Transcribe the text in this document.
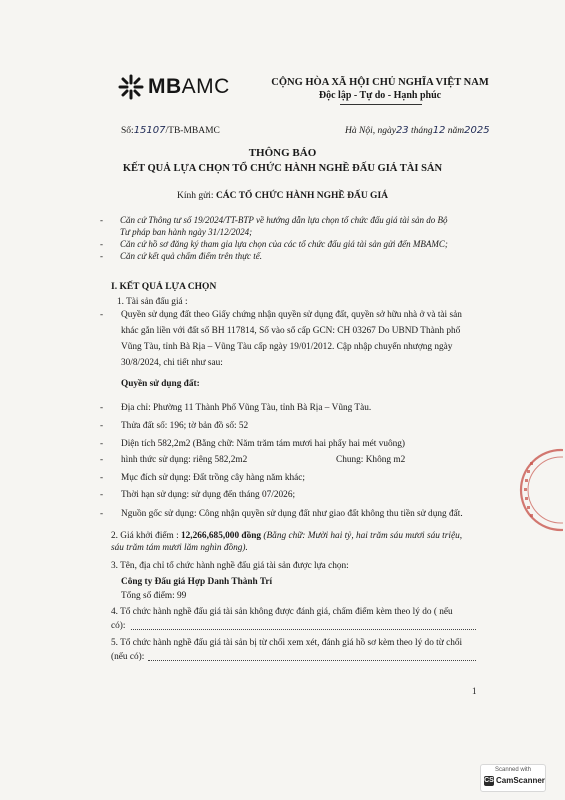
MBAMC	CỘNG HÒA XÃ HỘI CHỦ NGHĨA VIỆT NAM
Độc lập - Tự do - Hạnh phúc
Số:15107/TB-MBAMC	Hà Nội, ngày23 tháng12 năm2025
THÔNG BÁO
KẾT QUẢ LỰA CHỌN TỔ CHỨC HÀNH NGHỀ ĐẤU GIÁ TÀI SẢN
Kính gửi: CÁC TỔ CHỨC HÀNH NGHỀ ĐẤU GIÁ
- Căn cứ Thông tư số 19/2024/TT-BTP về hướng dẫn lựa chọn tổ chức đấu giá tài sản do Bộ
Tư pháp ban hành ngày 31/12/2024;
- Căn cứ hồ sơ đăng ký tham gia lựa chọn của các tổ chức đấu giá tài sản gửi đến MBAMC;
- Căn cứ kết quả chấm điểm trên thực tế.
I. KẾT QUẢ LỰA CHỌN
1. Tài sản đấu giá :
- Quyền sử dụng đất theo Giấy chứng nhận quyền sử dụng đất, quyền sở hữu nhà ở và tài sản
khác gắn liền với đất số BH 117814, Số vào sổ cấp GCN: CH 03267 Do UBND Thành phố
Vũng Tàu, tỉnh Bà Rịa – Vũng Tàu cấp ngày 19/01/2012. Cập nhập chuyển nhượng ngày
30/8/2024, chi tiết như sau:
Quyền sử dụng đất:
- Địa chỉ: Phường 11 Thành Phố Vũng Tàu, tỉnh Bà Rịa – Vũng Tàu.
- Thửa đất số: 196; tờ bản đồ số: 52
- Diện tích 582,2m2 (Bằng chữ: Năm trăm tám mươi hai phẩy hai mét vuông)
- hình thức sử dụng: riêng 582,2m2	Chung: Không m2
- Mục đích sử dụng: Đất trồng cây hàng năm khác;
- Thời hạn sử dụng: sử dụng đến tháng 07/2026;
- Nguồn gốc sử dụng: Công nhận quyền sử dụng đất như giao đất không thu tiền sử dụng đất.
2. Giá khởi điểm : 12,266,685,000 đồng (Bằng chữ: Mười hai tỷ, hai trăm sáu mươi sáu triệu,
sáu trăm tám mươi lăm nghìn đồng).
3. Tên, địa chỉ tổ chức hành nghề đấu giá tài sản được lựa chọn:
Công ty Đấu giá Hợp Danh Thành Trí
Tổng số điểm: 99
4. Tổ chức hành nghề đấu giá tài sản không được đánh giá, chấm điểm kèm theo lý do ( nếu
có):
5. Tổ chức hành nghề đấu giá tài sản bị từ chối xem xét, đánh giá hồ sơ kèm theo lý do từ chối
(nếu có):
1
Scanned with
CS CamScanner
